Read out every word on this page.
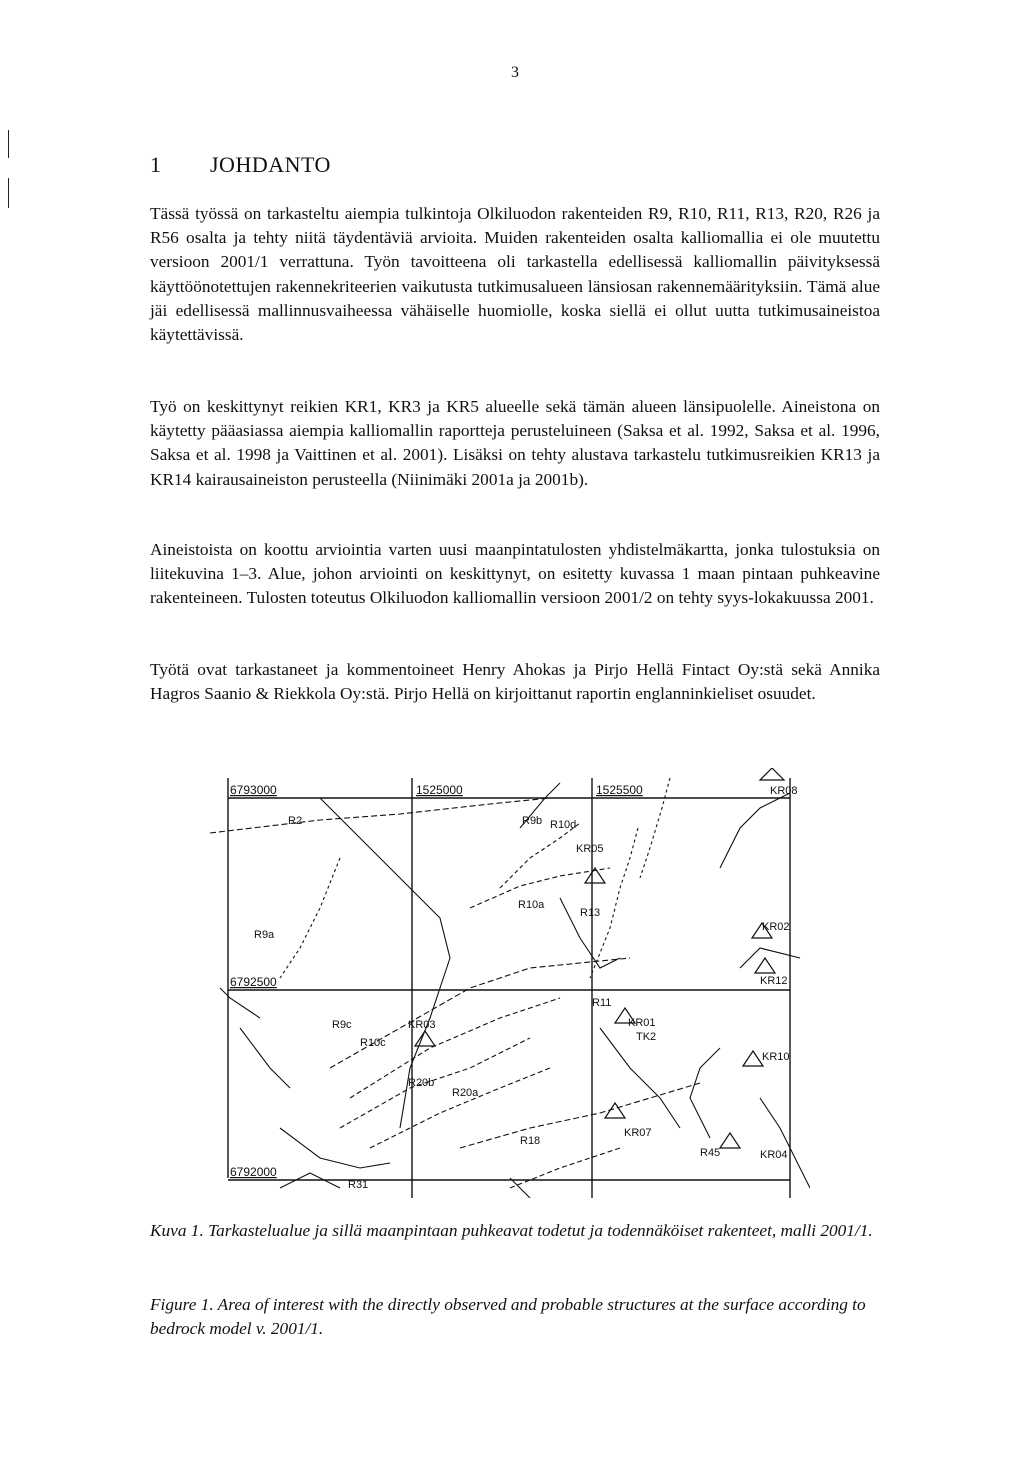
3
1 JOHDANTO

Tässä työssä on tarkasteltu aiempia tulkintoja Olkiluodon rakenteiden R9, R10, R11, R13, R20, R26 ja R56 osalta ja tehty niitä täydentäviä arvioita. Muiden rakenteiden osalta kalliomallia ei ole muutettu versioon 2001/1 verrattuna. Työn tavoitteena oli tarkastella edellisessä kalliomallin päivityksessä käyttöönotettujen rakennekriteerien vaikutusta tutkimusalueen länsiosan rakennemäärityksiin. Tämä alue jäi edellisessä mallinnusvaiheessa vähäiselle huomiolle, koska siellä ei ollut uutta tutkimusaineistoa käytettävissä.

Työ on keskittynyt reikien KR1, KR3 ja KR5 alueelle sekä tämän alueen länsipuolelle. Aineistona on käytetty pääasiassa aiempia kalliomallin raportteja perusteluineen (Saksa et al. 1992, Saksa et al. 1996, Saksa et al. 1998 ja Vaittinen et al. 2001). Lisäksi on tehty alustava tarkastelu tutkimusreikien KR13 ja KR14 kairausaineiston perusteella (Niinimäki 2001a ja 2001b).

Aineistoista on koottu arviointia varten uusi maanpintatulosten yhdistelmäkartta, jonka tulostuksia on liitekuvina 1–3. Alue, johon arviointi on keskittynyt, on esitetty kuvassa 1 maan pintaan puhkeavine rakenteineen. Tulosten toteutus Olkiluodon kalliomallin versioon 2001/2 on tehty syys-lokakuussa 2001.

Työtä ovat tarkastaneet ja kommentoineet Henry Ahokas ja Pirjo Hellä Fintact Oy:stä sekä Annika Hagros Saanio & Riekkola Oy:stä. Pirjo Hellä on kirjoittanut raportin englanninkieliset osuudet.

6793000	1525000	1525500
6792500
6792000
R2	R9b R10d
KR05
R10a
R13
R9a
KR02
KR12
R9c	KR03
R10c
R11
KR01
TK2
KR10
R20b
R20a
R18
KR07
R45	KR04
R31
KR08

Kuva 1. Tarkastelualue ja sillä maanpintaan puhkeavat todetut ja todennäköiset rakenteet, malli 2001/1.

Figure 1. Area of interest with the directly observed and probable structures at the surface according to bedrock model v. 2001/1.
